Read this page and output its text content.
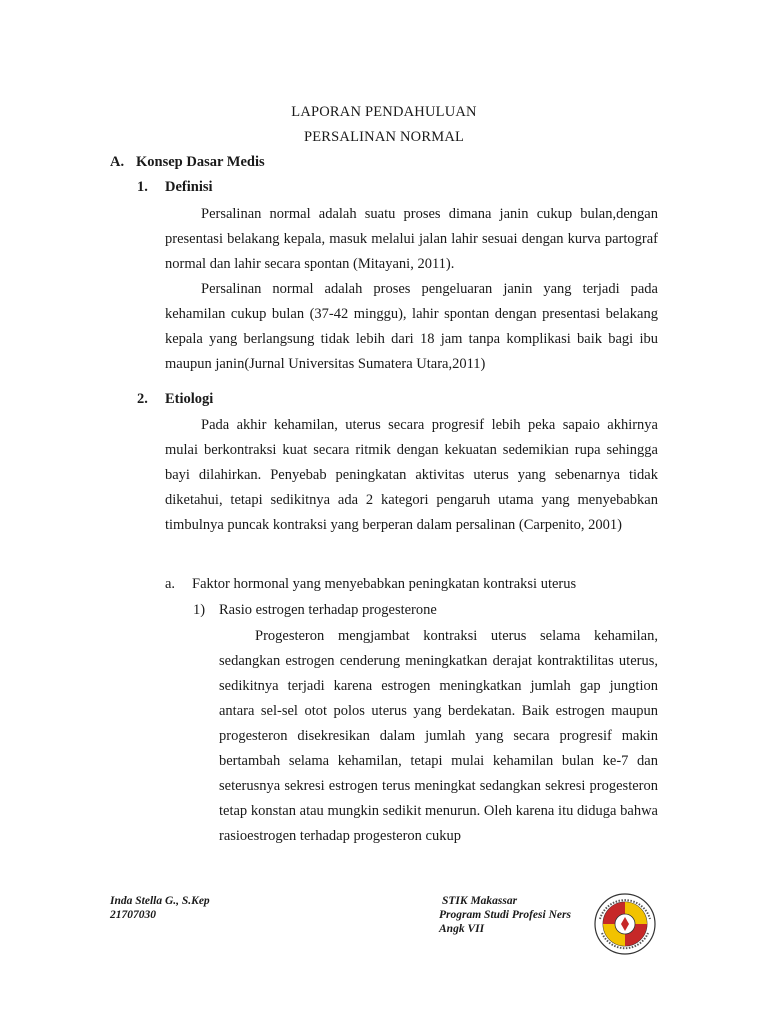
LAPORAN PENDAHULUAN
PERSALINAN NORMAL
A. Konsep Dasar Medis
1. Definisi

Persalinan normal adalah suatu proses dimana janin cukup bulan,dengan presentasi belakang kepala, masuk melalui jalan lahir sesuai dengan kurva partograf normal dan lahir secara spontan (Mitayani, 2011).

Persalinan normal adalah proses pengeluaran janin yang terjadi pada kehamilan cukup bulan (37-42 minggu), lahir spontan dengan presentasi belakang kepala yang berlangsung tidak lebih dari 18 jam tanpa komplikasi baik bagi ibu maupun janin(Jurnal Universitas Sumatera Utara,2011)

2. Etiologi

Pada akhir kehamilan, uterus secara progresif lebih peka sapaio akhirnya mulai berkontraksi kuat secara ritmik dengan kekuatan sedemikian rupa sehingga bayi dilahirkan. Penyebab peningkatan aktivitas uterus yang sebenarnya tidak diketahui, tetapi sedikitnya ada 2 kategori pengaruh utama yang menyebabkan timbulnya puncak kontraksi yang berperan dalam persalinan (Carpenito, 2001)

a. Faktor hormonal yang menyebabkan peningkatan kontraksi uterus
1) Rasio estrogen terhadap progesterone

Progesteron mengjambat kontraksi uterus selama kehamilan, sedangkan estrogen cenderung meningkatkan derajat kontraktilitas uterus, sedikitnya terjadi karena estrogen meningkatkan jumlah gap jungtion antara sel-sel otot polos uterus yang berdekatan. Baik estrogen maupun progesteron disekresikan dalam jumlah yang secara progresif makin bertambah selama kehamilan, tetapi mulai kehamilan bulan ke-7 dan seterusnya sekresi estrogen terus meningkat sedangkan sekresi progesteron tetap konstan atau mungkin sedikit menurun. Oleh karena itu diduga bahwa rasioestrogen terhadap progesteron cukup

Inda Stella G., S.Kep
21707030
STIK Makassar
Program Studi Profesi Ners
Angk VII
